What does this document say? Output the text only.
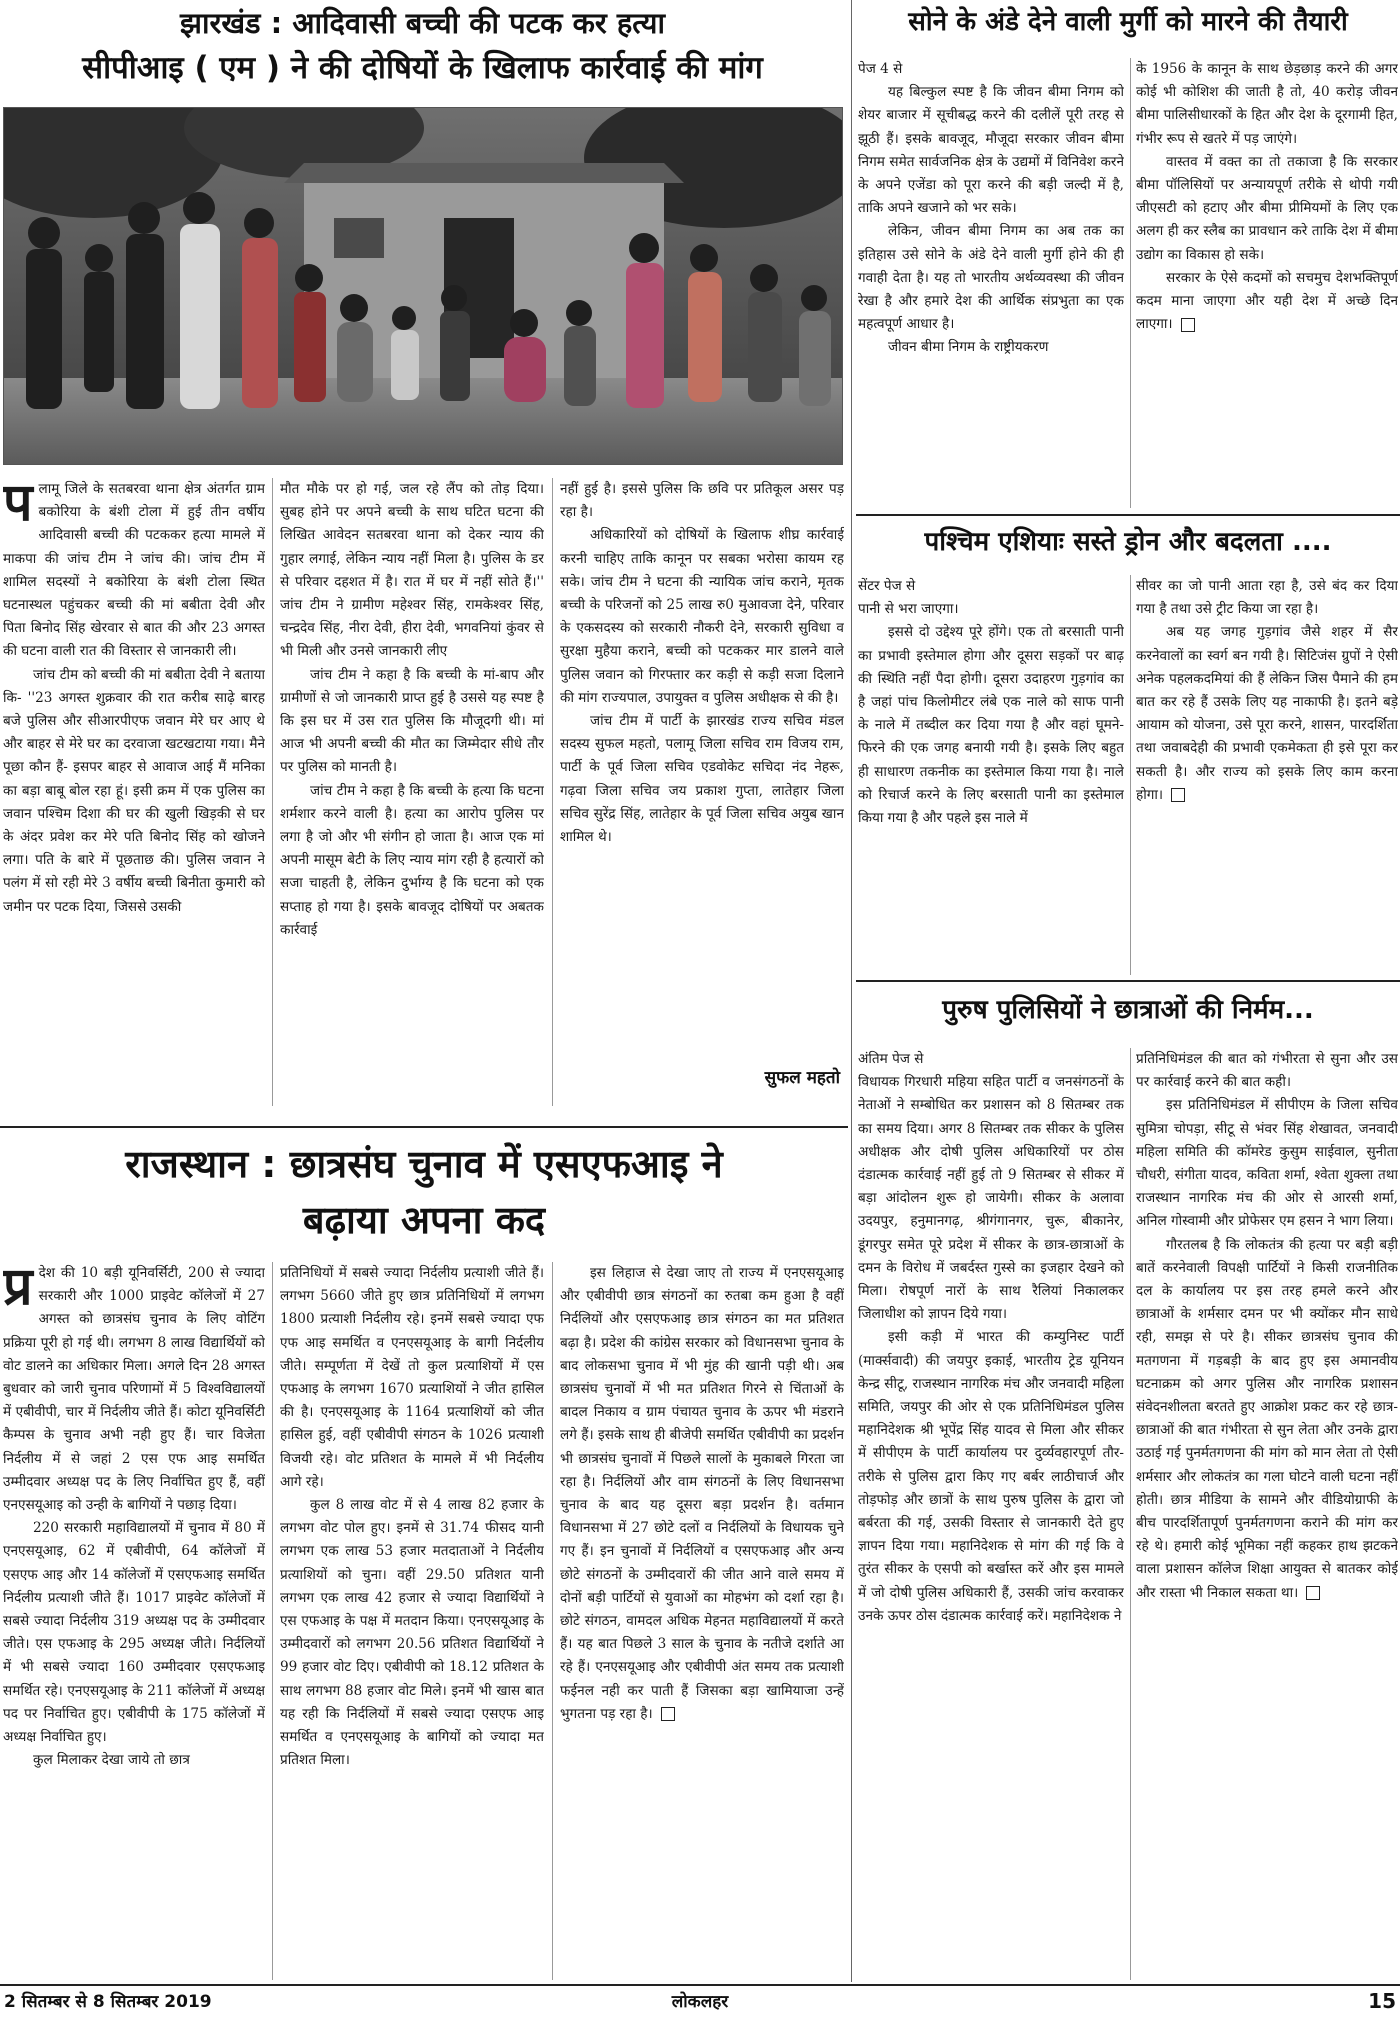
झारखंड : आदिवासी बच्ची की पटक कर हत्या
सीपीआइ ( एम ) ने की दोषियों के खिलाफ कार्रवाई की मांग

पलामू जिले के सतबरवा थाना क्षेत्र अंतर्गत ग्राम बकोरिया के बंशी टोला में हुई तीन वर्षीय आदिवासी बच्ची की पटककर हत्या मामले में माकपा की जांच टीम ने जांच की। जांच टीम में शामिल सदस्यों ने बकोरिया के बंशी टोला स्थित घटनास्थल पहुंचकर बच्ची की मां बबीता देवी और पिता बिनोद सिंह खेरवार से बात की और 23 अगस्त की घटना वाली रात की विस्तार से जानकारी ली।

जांच टीम को बच्ची की मां बबीता देवी ने बताया कि- ''23 अगस्त शुक्रवार की रात करीब साढ़े बारह बजे पुलिस और सीआरपीएफ जवान मेरे घर आए थे और बाहर से मेरे घर का दरवाजा खटखटाया गया। मैने पूछा कौन हैं- इसपर बाहर से आवाज आई मैं मनिका का बड़ा बाबू बोल रहा हूं। इसी क्रम में एक पुलिस का जवान पश्चिम दिशा की घर की खुली खिड़की से घर के अंदर प्रवेश कर मेरे पति बिनोद सिंह को खोजने लगा। पति के बारे में पूछताछ की। पुलिस जवान ने पलंग में सो रही मेरे 3 वर्षीय बच्ची बिनीता कुमारी को जमीन पर पटक दिया, जिससे उसकी

मौत मौके पर हो गई, जल रहे लैंप को तोड़ दिया। सुबह होने पर अपने बच्ची के साथ घटित घटना की लिखित आवेदन सतबरवा थाना को देकर न्याय की गुहार लगाई, लेकिन न्याय नहीं मिला है। पुलिस के डर से परिवार दहशत में है। रात में घर में नहीं सोते हैं।'' जांच टीम ने ग्रामीण महेश्वर सिंह, रामकेश्वर सिंह, चन्द्रदेव सिंह, नीरा देवी, हीरा देवी, भगवनियां कुंवर से भी मिली और उनसे जानकारी लीए

जांच टीम ने कहा है कि बच्ची के मां-बाप और ग्रामीणों से जो जानकारी प्राप्त हुई है उससे यह स्पष्ट है कि इस घर में उस रात पुलिस कि मौजूदगी थी। मां आज भी अपनी बच्ची की मौत का जिम्मेदार सीधे तौर पर पुलिस को मानती है।

जांच टीम ने कहा है कि बच्ची के हत्या कि घटना शर्मशार करने वाली है। हत्या का आरोप पुलिस पर लगा है जो और भी संगीन हो जाता है। आज एक मां अपनी मासूम बेटी के लिए न्याय मांग रही है हत्यारों को सजा चाहती है, लेकिन दुर्भाग्य है कि घटना को एक सप्ताह हो गया है। इसके बावजूद दोषियों पर अबतक कार्रवाई

नहीं हुई है। इससे पुलिस कि छवि पर प्रतिकूल असर पड़ रहा है।

अधिकारियों को दोषियों के खिलाफ शीघ्र कार्रवाई करनी चाहिए ताकि कानून पर सबका भरोसा कायम रह सके। जांच टीम ने घटना की न्यायिक जांच कराने, मृतक बच्ची के परिजनों को 25 लाख रु0 मुआवजा देने, परिवार के एकसदस्य को सरकारी नौकरी देने, सरकारी सुविधा व सुरक्षा मुहैया कराने, बच्ची को पटककर मार डालने वाले पुलिस जवान को गिरफ्तार कर कड़ी से कड़ी सजा दिलाने की मांग राज्यपाल, उपायुक्त व पुलिस अधीक्षक से की है।

जांच टीम में पार्टी के झारखंड राज्य सचिव मंडल सदस्य सुफल महतो, पलामू जिला सचिव राम विजय राम, पार्टी के पूर्व जिला सचिव एडवोकेट सचिदा नंद नेहरू, गढ़वा जिला सचिव जय प्रकाश गुप्ता, लातेहार जिला सचिव सुरेंद्र सिंह, लातेहार के पूर्व जिला सचिव अयुब खान शामिल थे।

सुफल महतो
राजस्थान : छात्रसंघ चुनाव में एसएफआइ ने
बढ़ाया अपना कद

प्र देश की 10 बड़ी यूनिवर्सिटी, 200 से ज्यादा सरकारी और 1000 प्राइवेट कॉलेजों में 27 अगस्त को छात्रसंघ चुनाव के लिए वोटिंग प्रक्रिया पूरी हो गई थी। लगभग 8 लाख विद्यार्थियों को वोट डालने का अधिकार मिला। अगले दिन 28 अगस्त बुधवार को जारी चुनाव परिणामों में 5 विश्वविद्यालयों में एबीवीपी, चार में निर्दलीय जीते हैं। कोटा यूनिवर्सिटी कैम्पस के चुनाव अभी नही हुए हैं। चार विजेता निर्दलीय में से जहां 2 एस एफ आइ समर्थित उम्मीदवार अध्यक्ष पद के लिए निर्वाचित हुए हैं, वहीं एनएसयूआइ को उन्ही के बागियों ने पछाड़ दिया।

220 सरकारी महाविद्यालयों में चुनाव में 80 में एनएसयूआइ, 62 में एबीवीपी, 64 कॉलेजों में एसएफ आइ और 14 कॉलेजों में एसएफआइ समर्थित निर्दलीय प्रत्याशी जीते हैं। 1017 प्राइवेट कॉलेजों में सबसे ज्यादा निर्दलीय 319 अध्यक्ष पद के उम्मीदवार जीते। एस एफआइ के 295 अध्यक्ष जीते। निर्दलियों में भी सबसे ज्यादा 160 उम्मीदवार एसएफआइ समर्थित रहे। एनएसयूआइ के 211 कॉलेजों में अध्यक्ष पद पर निर्वाचित हुए। एबीवीपी के 175 कॉलेजों में अध्यक्ष निर्वाचित हुए।

कुल मिलाकर देखा जाये तो छात्र

प्रतिनिधियों में सबसे ज्यादा निर्दलीय प्रत्याशी जीते हैं। लगभग 5660 जीते हुए छात्र प्रतिनिधियों में लगभग 1800 प्रत्याशी निर्दलीय रहे। इनमें सबसे ज्यादा एफ एफ आइ समर्थित व एनएसयूआइ के बागी निर्दलीय जीते। सम्पूर्णता में देखें तो कुल प्रत्याशियों में एस एफआइ के लगभग 1670 प्रत्याशियों ने जीत हासिल की है। एनएसयूआइ के 1164 प्रत्याशियों को जीत हासिल हुई, वहीं एबीवीपी संगठन के 1026 प्रत्याशी विजयी रहे। वोट प्रतिशत के मामले में भी निर्दलीय आगे रहे।

कुल 8 लाख वोट में से 4 लाख 82 हजार के लगभग वोट पोल हुए। इनमें से 31.74 फीसद यानी लगभग एक लाख 53 हजार मतदाताओं ने निर्दलीय प्रत्याशियों को चुना। वहीं 29.50 प्रतिशत यानी लगभग एक लाख 42 हजार से ज्यादा विद्यार्थियों ने एस एफआइ के पक्ष में मतदान किया। एनएसयूआइ के उम्मीदवारों को लगभग 20.56 प्रतिशत विद्यार्थियों ने 99 हजार वोट दिए। एबीवीपी को 18.12 प्रतिशत के साथ लगभग 88 हजार वोट मिले। इनमें भी खास बात यह रही कि निर्दलियों में सबसे ज्यादा एसएफ आइ समर्थित व एनएसयूआइ के बागियों को ज्यादा मत प्रतिशत मिला।

इस लिहाज से देखा जाए तो राज्य में एनएसयूआइ और एबीवीपी छात्र संगठनों का रुतबा कम हुआ है वहीं निर्दलियों और एसएफआइ छात्र संगठन का मत प्रतिशत बढ़ा है। प्रदेश की कांग्रेस सरकार को विधानसभा चुनाव के बाद लोकसभा चुनाव में भी मुंह की खानी पड़ी थी। अब छात्रसंघ चुनावों में भी मत प्रतिशत गिरने से चिंताओं के बादल निकाय व ग्राम पंचायत चुनाव के ऊपर भी मंडराने लगे हैं। इसके साथ ही बीजेपी समर्थित एबीवीपी का प्रदर्शन भी छात्रसंघ चुनावों में पिछले सालों के मुकाबले गिरता जा रहा है। निर्दलियों और वाम संगठनों के लिए विधानसभा चुनाव के बाद यह दूसरा बड़ा प्रदर्शन है। वर्तमान विधानसभा में 27 छोटे दलों व निर्दलियों के विधायक चुने गए हैं। इन चुनावों में निर्दलियों व एसएफआइ और अन्य छोटे संगठनों के उम्मीदवारों की जीत आने वाले समय में दोनों बड़ी पार्टियों से युवाओं का मोहभंग को दर्शा रहा है। छोटे संगठन, वामदल अधिक मेहनत महाविद्यालयों में करते हैं। यह बात पिछले 3 साल के चुनाव के नतीजे दर्शाते आ रहे हैं। एनएसयूआइ और एबीवीपी अंत समय तक प्रत्याशी फईनल नही कर पाती हैं जिसका बड़ा खामियाजा उन्हें भुगतना पड़ रहा है।

सोने के अंडे देने वाली मुर्गी को मारने की तैयारी

पेज 4 से

यह बिल्कुल स्पष्ट है कि जीवन बीमा निगम को शेयर बाजार में सूचीबद्ध करने की दलीलें पूरी तरह से झूठी हैं। इसके बावजूद, मौजूदा सरकार जीवन बीमा निगम समेत सार्वजनिक क्षेत्र के उद्यमों में विनिवेश करने के अपने एजेंडा को पूरा करने की बड़ी जल्दी में है, ताकि अपने खजाने को भर सके।

लेकिन, जीवन बीमा निगम का अब तक का इतिहास उसे सोने के अंडे देने वाली मुर्गी होने की ही गवाही देता है। यह तो भारतीय अर्थव्यवस्था की जीवन रेखा है और हमारे देश की आर्थिक संप्रभुता का एक महत्वपूर्ण आधार है।

जीवन बीमा निगम के राष्ट्रीयकरण

के 1956 के कानून के साथ छेड़छाड़ करने की अगर कोई भी कोशिश की जाती है तो, 40 करोड़ जीवन बीमा पालिसीधारकों के हित और देश के दूरगामी हित, गंभीर रूप से खतरे में पड़ जाएंगे।

वास्तव में वक्त का तो तकाजा है कि सरकार बीमा पॉलिसियों पर अन्यायपूर्ण तरीके से थोपी गयी जीएसटी को हटाए और बीमा प्रीमियमों के लिए एक अलग ही कर स्लैब का प्रावधान करे ताकि देश में बीमा उद्योग का विकास हो सके।

सरकार के ऐसे कदमों को सचमुच देशभक्तिपूर्ण कदम माना जाएगा और यही देश में अच्छे दिन लाएगा।

पश्चिम एशियाः सस्ते ड्रोन और बदलता ....

सेंटर पेज से

पानी से भरा जाएगा।

इससे दो उद्देश्य पूरे होंगे। एक तो बरसाती पानी का प्रभावी इस्तेमाल होगा और दूसरा सड़कों पर बाढ़ की स्थिति नहीं पैदा होगी। दूसरा उदाहरण गुड़गांव का है जहां पांच किलोमीटर लंबे एक नाले को साफ पानी के नाले में तब्दील कर दिया गया है और वहां घूमने-फिरने की एक जगह बनायी गयी है। इसके लिए बहुत ही साधारण तकनीक का इस्तेमाल किया गया है। नाले को रिचार्ज करने के लिए बरसाती पानी का इस्तेमाल किया गया है और पहले इस नाले में

सीवर का जो पानी आता रहा है, उसे बंद कर दिया गया है तथा उसे ट्रीट किया जा रहा है।

अब यह जगह गुड़गांव जैसे शहर में सैर करनेवालों का स्वर्ग बन गयी है। सिटिजंस ग्रुपों ने ऐसी अनेक पहलकदमियां की हैं लेकिन जिस पैमाने की हम बात कर रहे हैं उसके लिए यह नाकाफी है। इतने बड़े आयाम को योजना, उसे पूरा करने, शासन, पारदर्शिता तथा जवाबदेही की प्रभावी एकमेकता ही इसे पूरा कर सकती है। और राज्य को इसके लिए काम करना होगा।

पुरुष पुलिसियों ने छात्राओं की निर्मम...

अंतिम पेज से

विधायक गिरधारी महिया सहित पार्टी व जनसंगठनों के नेताओं ने सम्बोधित कर प्रशासन को 8 सितम्बर तक का समय दिया। अगर 8 सितम्बर तक सीकर के पुलिस अधीक्षक और दोषी पुलिस अधिकारियों पर ठोस दंडात्मक कार्रवाई नहीं हुई तो 9 सितम्बर से सीकर में बड़ा आंदोलन शुरू हो जायेगी। सीकर के अलावा उदयपुर, हनुमानगढ़, श्रीगंगानगर, चुरू, बीकानेर, डूंगरपुर समेत पूरे प्रदेश में सीकर के छात्र-छात्राओं के दमन के विरोध में जबर्दस्त गुस्से का इजहार देखने को मिला। रोषपूर्ण नारों के साथ रैलियां निकालकर जिलाधीश को ज्ञापन दिये गया।

इसी कड़ी में भारत की कम्युनिस्ट पार्टी (मार्क्सवादी) की जयपुर इकाई, भारतीय ट्रेड यूनियन केन्द्र सीटू, राजस्थान नागरिक मंच और जनवादी महिला समिति, जयपुर की ओर से एक प्रतिनिधिमंडल पुलिस महानिदेशक श्री भूपेंद्र सिंह यादव से मिला और सीकर में सीपीएम के पार्टी कार्यालय पर दुर्व्यवहारपूर्ण तौर-तरीके से पुलिस द्वारा किए गए बर्बर लाठीचार्ज और तोड़फोड़ और छात्रों के साथ पुरुष पुलिस के द्वारा जो बर्बरता की गई, उसकी विस्तार से जानकारी देते हुए ज्ञापन दिया गया। महानिदेशक से मांग की गई कि वे तुरंत सीकर के एसपी को बर्खास्त करें और इस मामले में जो दोषी पुलिस अधिकारी हैं, उसकी जांच करवाकर उनके ऊपर ठोस दंडात्मक कार्रवाई करें। महानिदेशक ने

प्रतिनिधिमंडल की बात को गंभीरता से सुना और उस पर कार्रवाई करने की बात कही।

इस प्रतिनिधिमंडल में सीपीएम के जिला सचिव सुमित्रा चोपड़ा, सीटू से भंवर सिंह शेखावत, जनवादी महिला समिति की कॉमरेड कुसुम साईवाल, सुनीता चौधरी, संगीता यादव, कविता शर्मा, श्वेता शुक्ला तथा राजस्थान नागरिक मंच की ओर से आरसी शर्मा, अनिल गोस्वामी और प्रोफेसर एम हसन ने भाग लिया।

गौरतलब है कि लोकतंत्र की हत्या पर बड़ी बड़ी बातें करनेवाली विपक्षी पार्टियों ने किसी राजनीतिक दल के कार्यालय पर इस तरह हमले करने और छात्राओं के शर्मसार दमन पर भी क्योंकर मौन साधे रही, समझ से परे है। सीकर छात्रसंघ चुनाव की मतगणना में गड़बड़ी के बाद हुए इस अमानवीय घटनाक्रम को अगर पुलिस और नागरिक प्रशासन संवेदनशीलता बरतते हुए आक्रोश प्रकट कर रहे छात्र-छात्राओं की बात गंभीरता से सुन लेता और उनके द्वारा उठाई गई पुनर्मतगणना की मांग को मान लेता तो ऐसी शर्मसार और लोकतंत्र का गला घोटने वाली घटना नहीं होती। छात्र मीडिया के सामने और वीडियोग्राफी के बीच पारदर्शितापूर्ण पुनर्मतगणना कराने की मांग कर रहे थे। हमारी कोई भूमिका नहीं कहकर हाथ झटकने वाला प्रशासन कॉलेज शिक्षा आयुक्त से बातकर कोई और रास्ता भी निकाल सकता था।

2 सितम्बर से 8 सितम्बर 2019	लोकलहर	15
